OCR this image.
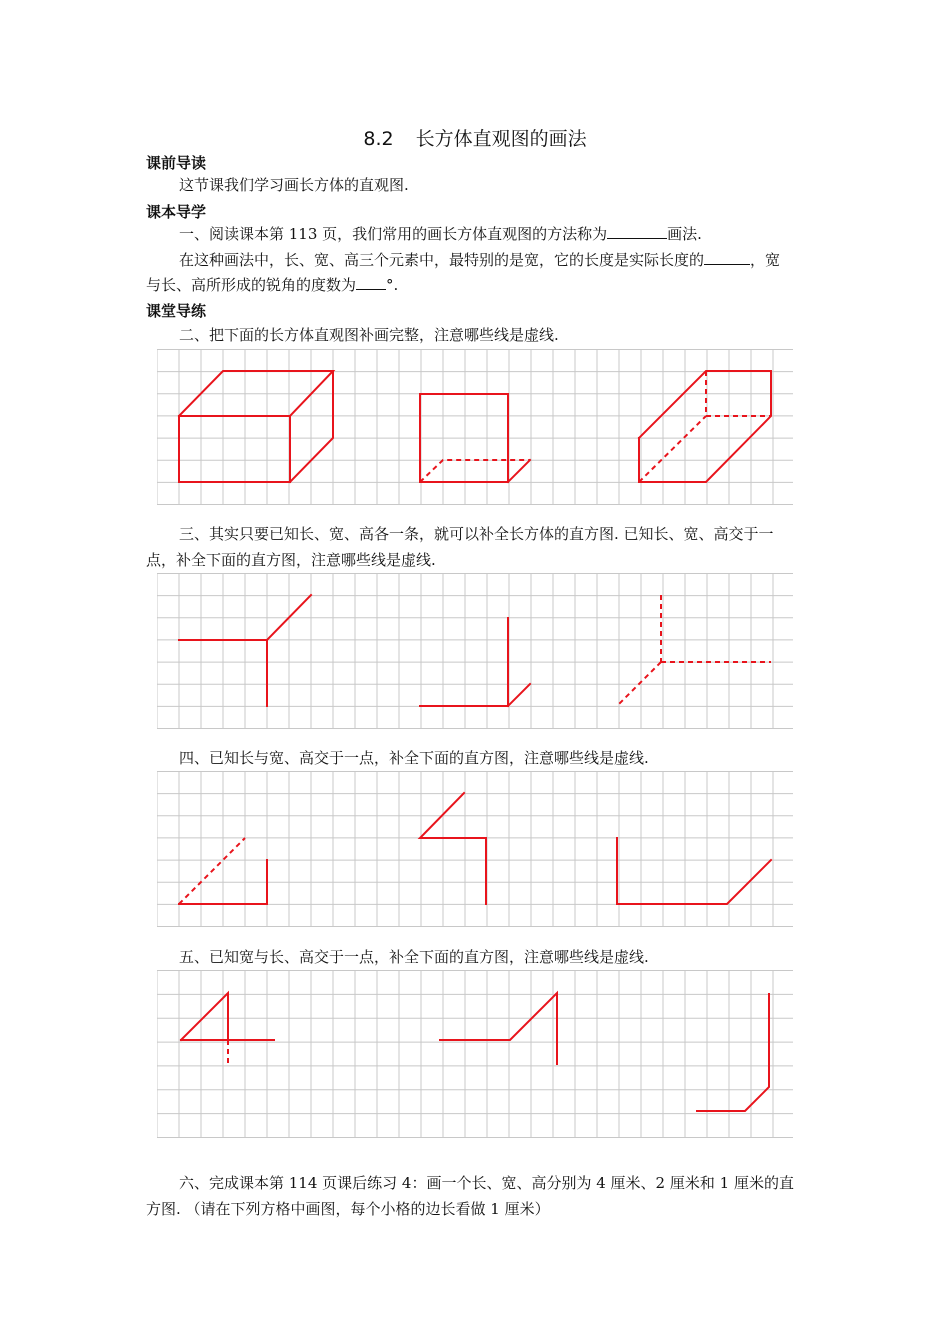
8.2 长方体直观图的画法
课前导读
这节课我们学习画长方体的直观图.
课本导学
一、阅读课本第 113 页，我们常用的画长方体直观图的方法称为	画法.
在这种画法中，长、宽、高三个元素中，最特别的是宽，它的长度是实际长度的	，宽
与长、高所形成的锐角的度数为 °.
课堂导练
二、把下面的长方体直观图补画完整，注意哪些线是虚线.
三、其实只要已知长、宽、高各一条，就可以补全长方体的直方图. 已知长、宽、高交于一
点，补全下面的直方图，注意哪些线是虚线.
四、已知长与宽、高交于一点，补全下面的直方图，注意哪些线是虚线.
五、已知宽与长、高交于一点，补全下面的直方图，注意哪些线是虚线.
六、完成课本第 114 页课后练习 4：画一个长、宽、高分别为 4 厘米、2 厘米和 1 厘米的直
方图. （请在下列方格中画图，每个小格的边长看做 1 厘米）
